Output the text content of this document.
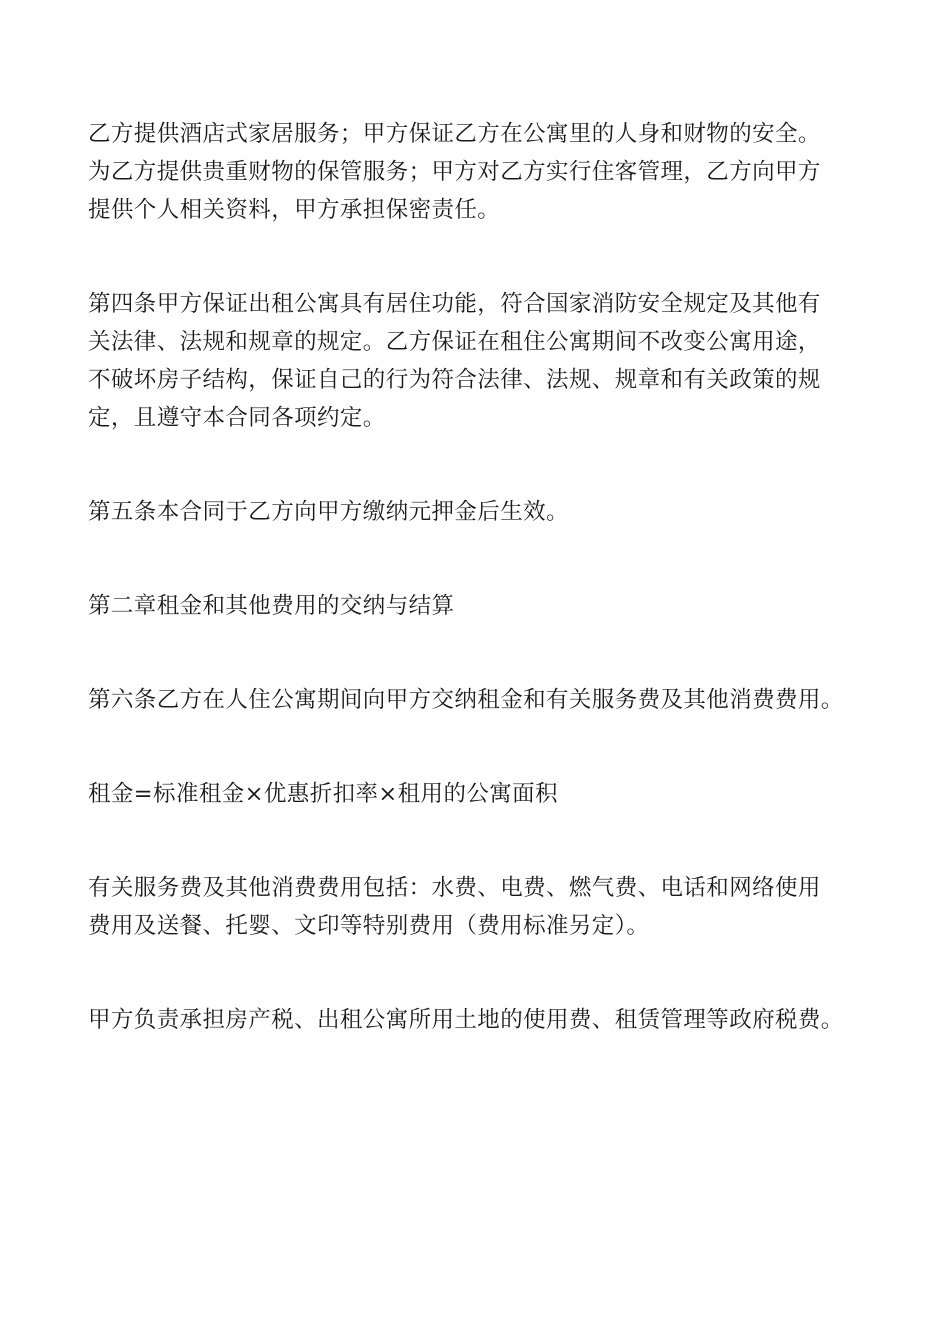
乙方提供酒店式家居服务；甲方保证乙方在公寓里的人身和财物的安全。
为乙方提供贵重财物的保管服务；甲方对乙方实行住客管理，乙方向甲方
提供个人相关资料，甲方承担保密责任。

第四条甲方保证出租公寓具有居住功能，符合国家消防安全规定及其他有
关法律、法规和规章的规定。乙方保证在租住公寓期间不改变公寓用途，
不破坏房子结构，保证自己的行为符合法律、法规、规章和有关政策的规
定，且遵守本合同各项约定。

第五条本合同于乙方向甲方缴纳元押金后生效。

第二章租金和其他费用的交纳与结算

第六条乙方在人住公寓期间向甲方交纳租金和有关服务费及其他消费费用。

租金=标准租金×优惠折扣率×租用的公寓面积

有关服务费及其他消费费用包括：水费、电费、燃气费、电话和网络使用
费用及送餐、托婴、文印等特别费用（费用标准另定）。

甲方负责承担房产税、出租公寓所用土地的使用费、租赁管理等政府税费。
